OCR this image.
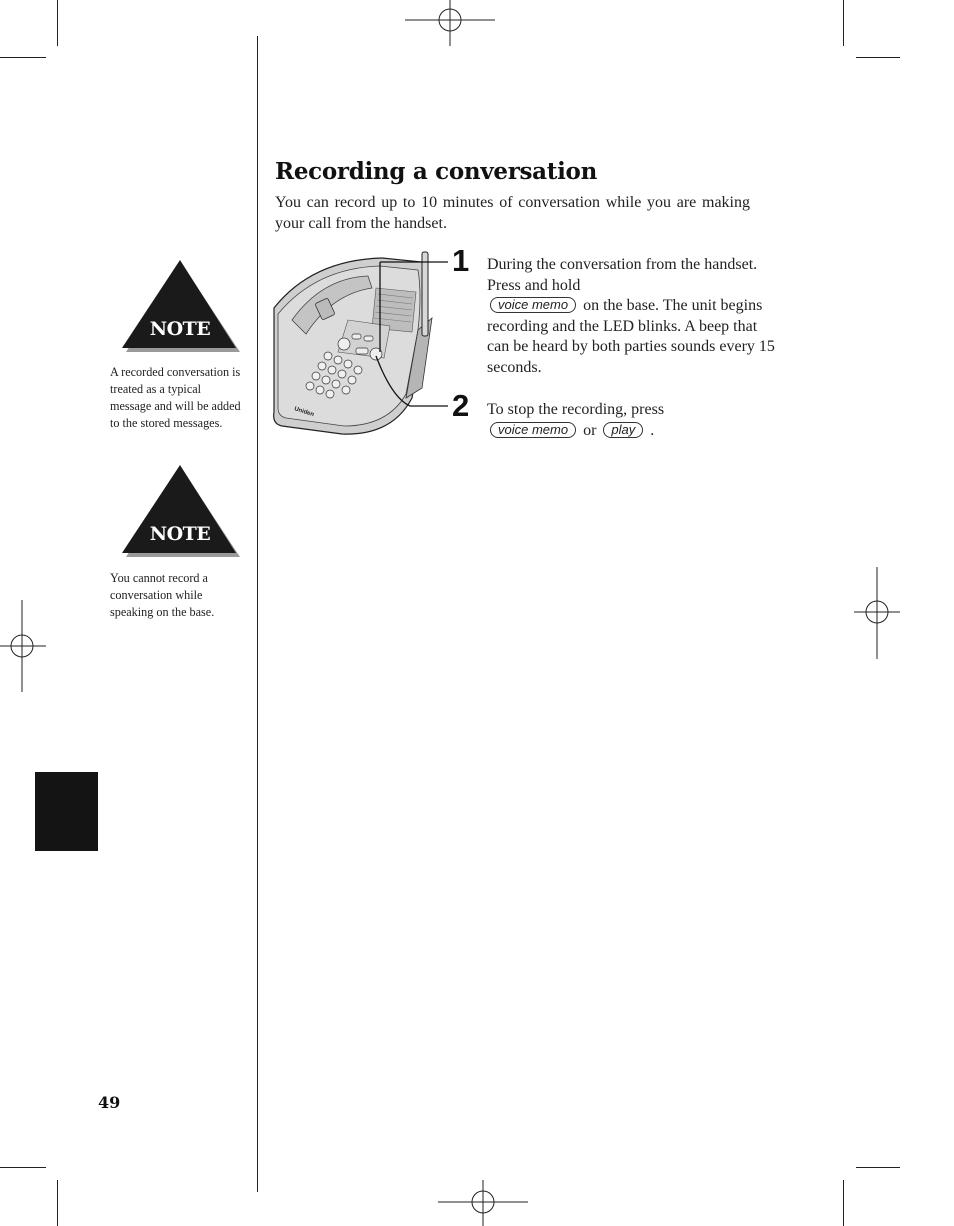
NOTE
A recorded conversation is treated as a typical message and will be added to the stored messages.
NOTE
You cannot record a conversation while speaking on the base.
Recording a conversation
You can record up to 10 minutes of conversation while you are making your call from the handset.
Uniden
1
2
During the conversation from the handset. Press and hold
voice memo on the base. The unit begins recording and the LED blinks. A beep that can be heard by both parties sounds every 15 seconds.
To stop the recording, press
voice memo or play .
49
